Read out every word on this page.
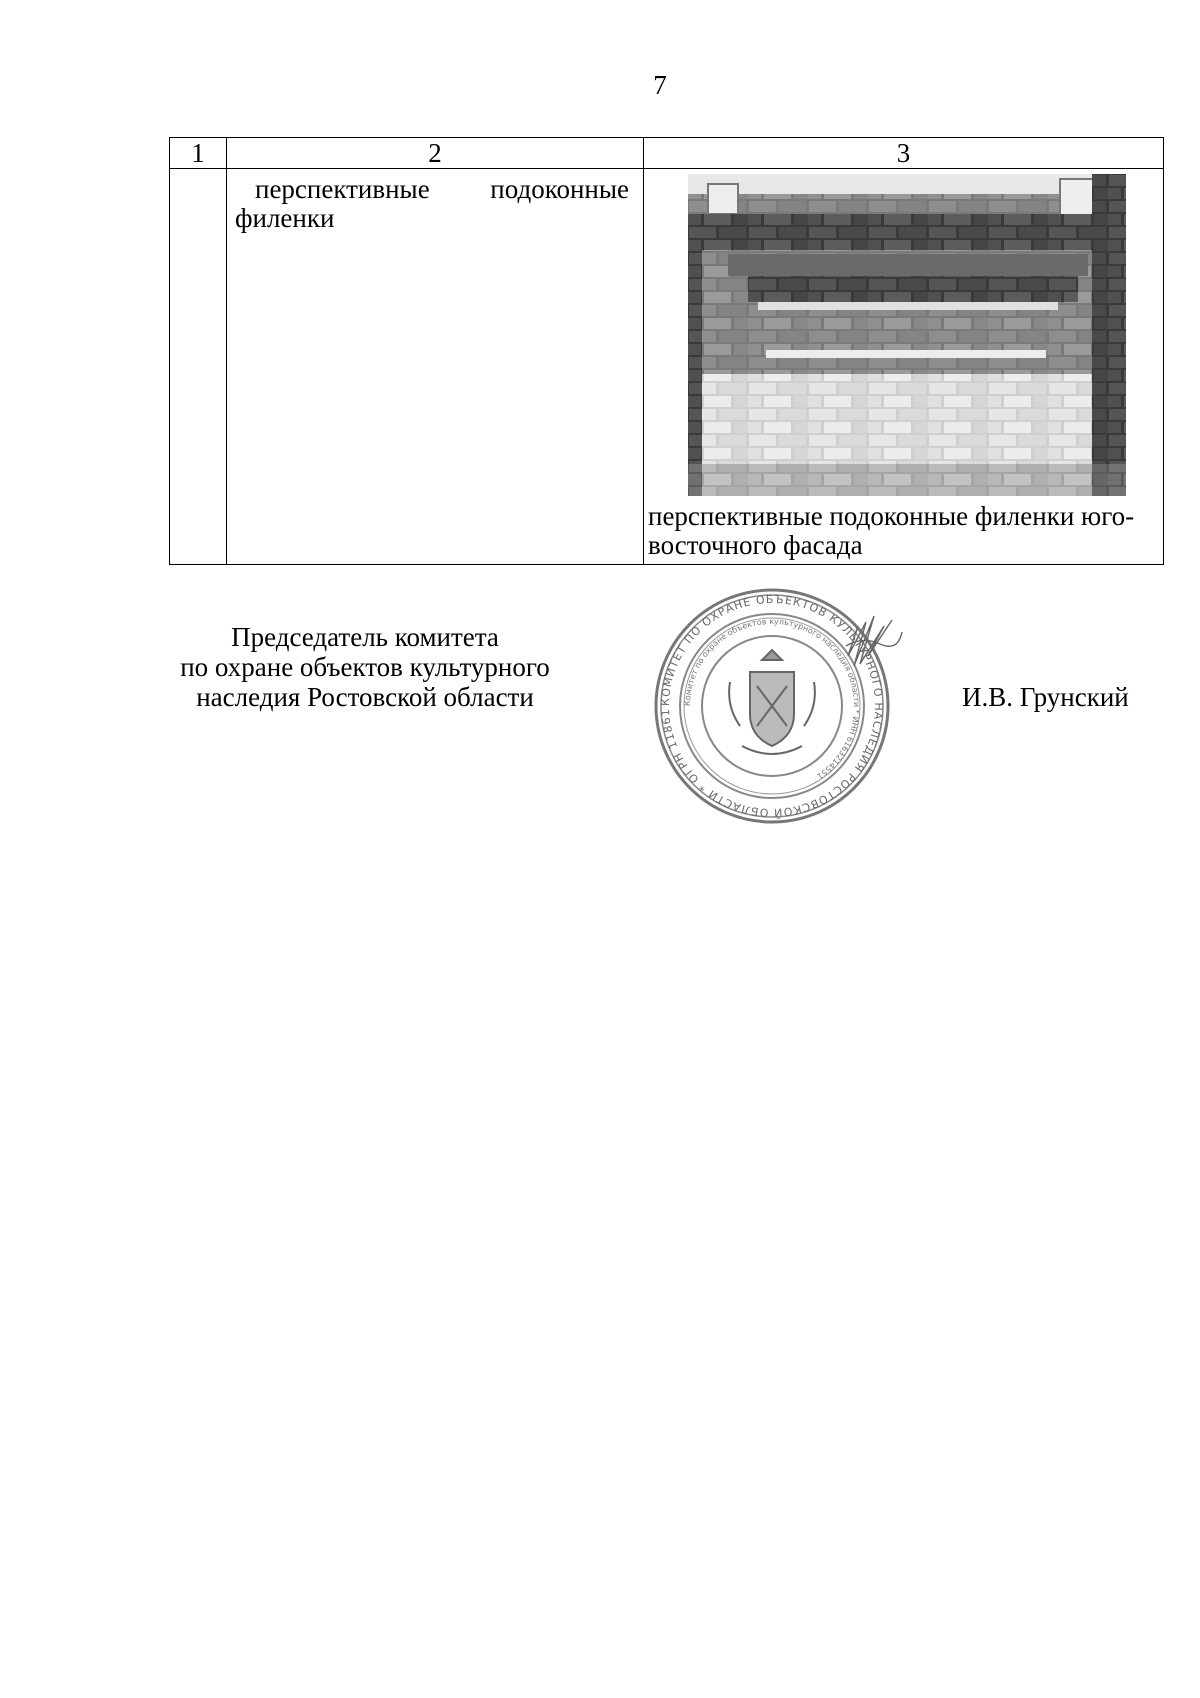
7
1	2	3
	перспективные подоконные филенки	перспективные подоконные филенки юго-восточного фасада
Председатель комитета
по охране объектов культурного
наследия Ростовской области	КОМИТЕТ ПО ОХРАНЕ ОБЪЕКТОВ КУЛЬТУРНОГО НАСЛЕДИЯ РОСТОВСКОЙ ОБЛАСТИ * ОГРН 11861
Комитет по охране объектов культурного наследия области * ИНН 6163214551
И.В. Грунский
